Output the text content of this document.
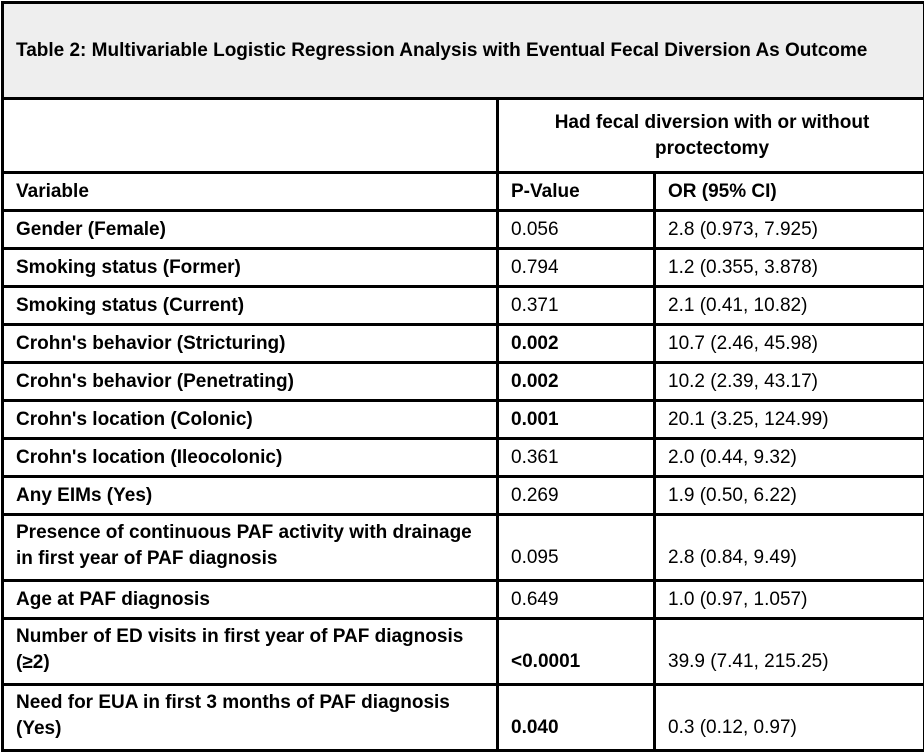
Table 2: Multivariable Logistic Regression Analysis with Eventual Fecal Diversion As Outcome		
	Had fecal diversion with or without proctectomy	
Variable	P-Value	OR (95% CI)
Gender (Female)	0.056	2.8 (0.973, 7.925)
Smoking status (Former)	0.794	1.2 (0.355, 3.878)
Smoking status (Current)	0.371	2.1 (0.41, 10.82)
Crohn's behavior (Stricturing)	0.002	10.7 (2.46, 45.98)
Crohn's behavior (Penetrating)	0.002	10.2 (2.39, 43.17)
Crohn's location (Colonic)	0.001	20.1 (3.25, 124.99)
Crohn's location (Ileocolonic)	0.361	2.0 (0.44, 9.32)
Any EIMs (Yes)	0.269	1.9 (0.50, 6.22)
Presence of continuous PAF activity with drainage in first year of PAF diagnosis	0.095	2.8 (0.84, 9.49)
Age at PAF diagnosis	0.649	1.0 (0.97, 1.057)
Number of ED visits in first year of PAF diagnosis (≥2)	<0.0001	39.9 (7.41, 215.25)
Need for EUA in first 3 months of PAF diagnosis (Yes)	0.040	0.3 (0.12, 0.97)
